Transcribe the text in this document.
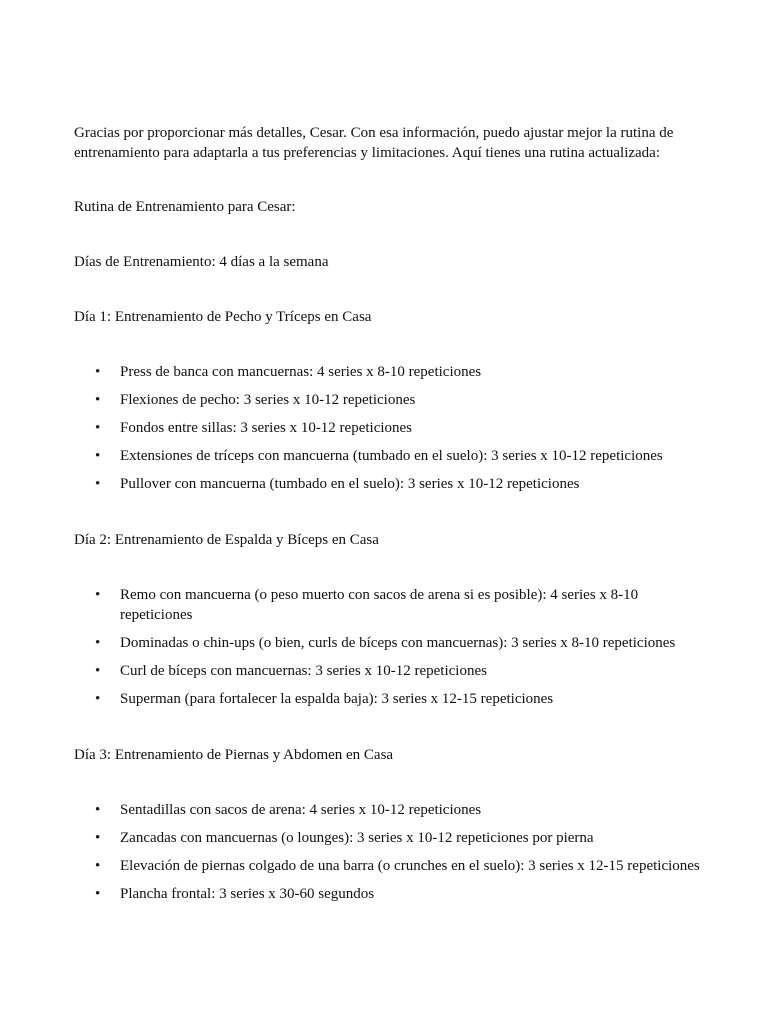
Gracias por proporcionar más detalles, Cesar. Con esa información, puedo ajustar mejor la rutina de entrenamiento para adaptarla a tus preferencias y limitaciones. Aquí tienes una rutina actualizada:

Rutina de Entrenamiento para Cesar:

Días de Entrenamiento: 4 días a la semana

Día 1: Entrenamiento de Pecho y Tríceps en Casa

• Press de banca con mancuernas: 4 series x 8-10 repeticiones
• Flexiones de pecho: 3 series x 10-12 repeticiones
• Fondos entre sillas: 3 series x 10-12 repeticiones
• Extensiones de tríceps con mancuerna (tumbado en el suelo): 3 series x 10-12 repeticiones
• Pullover con mancuerna (tumbado en el suelo): 3 series x 10-12 repeticiones

Día 2: Entrenamiento de Espalda y Bíceps en Casa

• Remo con mancuerna (o peso muerto con sacos de arena si es posible): 4 series x 8-10 repeticiones
• Dominadas o chin-ups (o bien, curls de bíceps con mancuernas): 3 series x 8-10 repeticiones
• Curl de bíceps con mancuernas: 3 series x 10-12 repeticiones
• Superman (para fortalecer la espalda baja): 3 series x 12-15 repeticiones

Día 3: Entrenamiento de Piernas y Abdomen en Casa

• Sentadillas con sacos de arena: 4 series x 10-12 repeticiones
• Zancadas con mancuernas (o lounges): 3 series x 10-12 repeticiones por pierna
• Elevación de piernas colgado de una barra (o crunches en el suelo): 3 series x 12-15 repeticiones
• Plancha frontal: 3 series x 30-60 segundos
